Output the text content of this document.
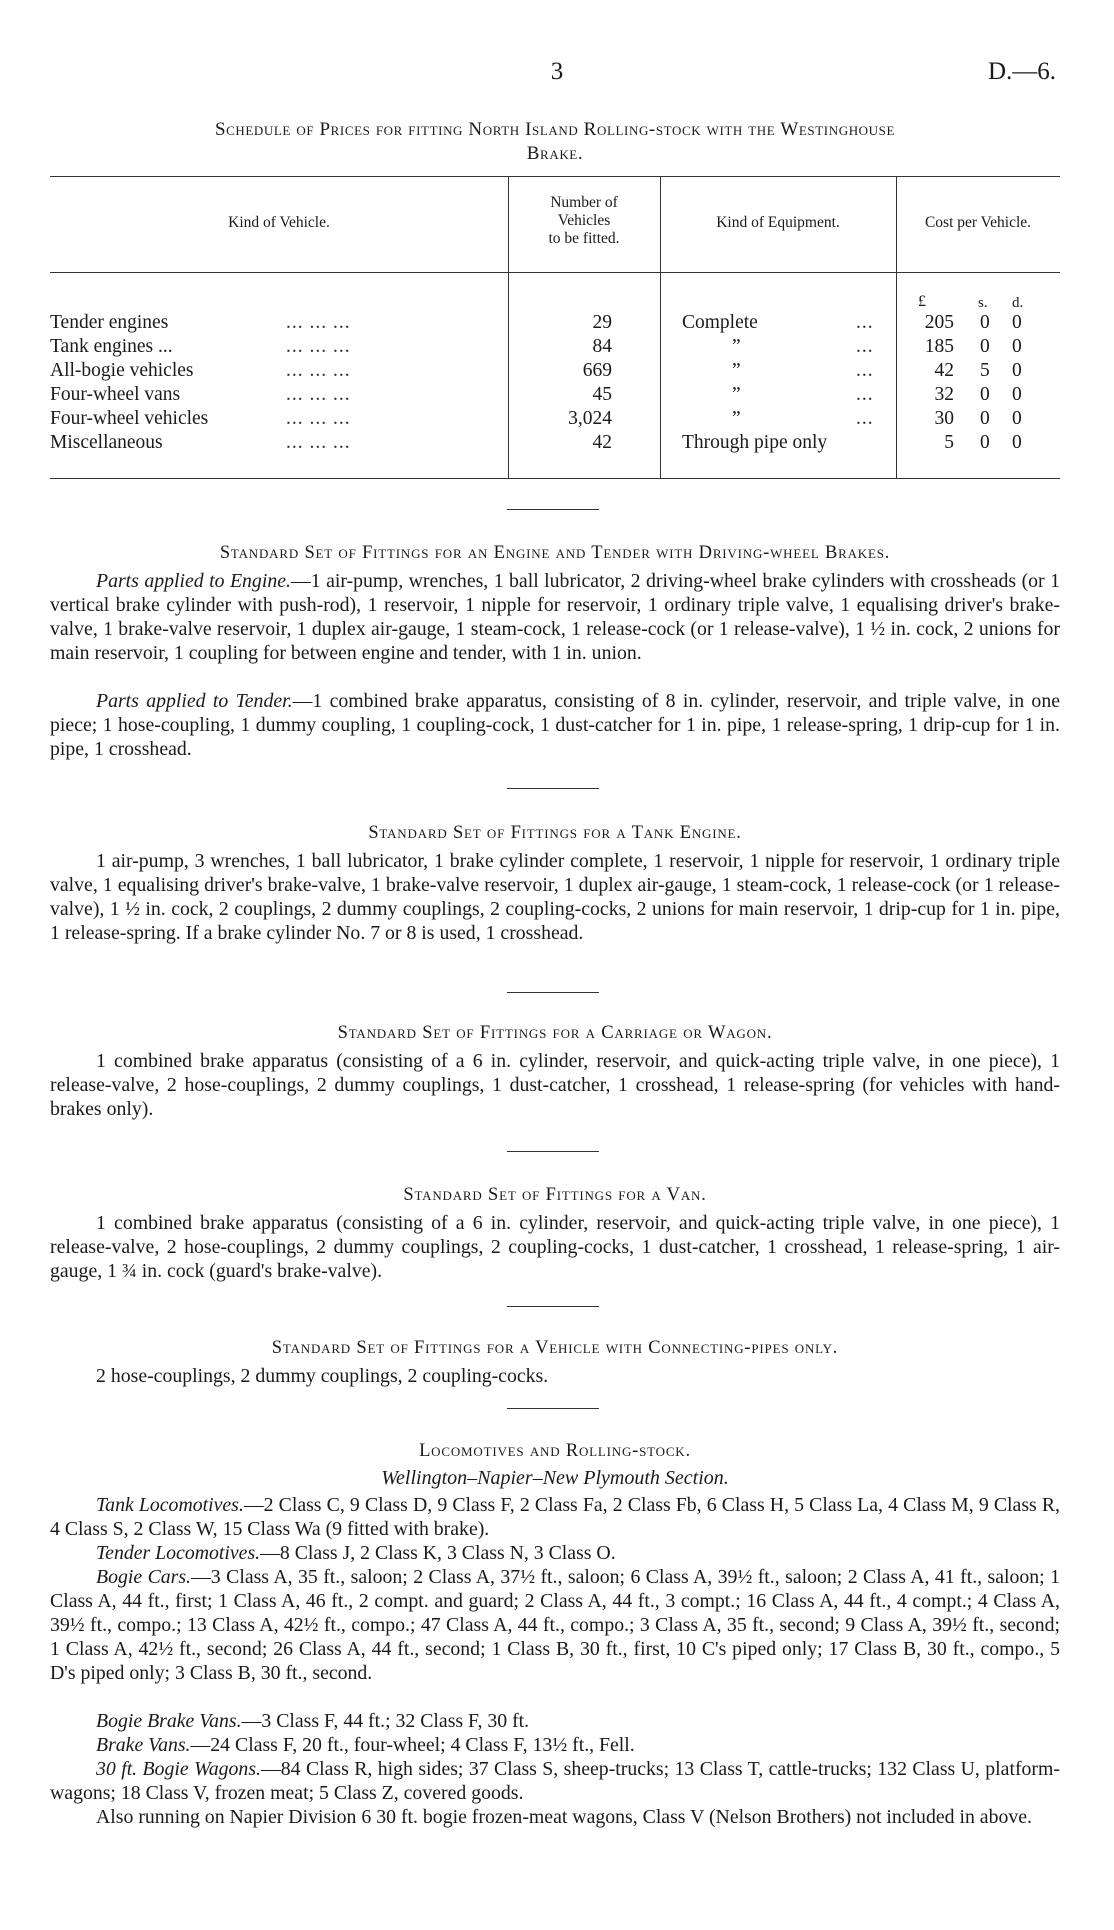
3	D.—6.
Schedule of Prices for fitting North Island Rolling-stock with the Westinghouse
Brake.
Kind of Vehicle.
Number of
Vehicles
to be fitted.
Kind of Equipment.	Cost per Vehicle.
£	s. d.
Tender engines	... ... ...	29	Complete	...	205 0 0
Tank engines ...	... ... ...	84	”	...	185 0 0
All-bogie vehicles	... ... ...	669	”	...	42 5 0
Four-wheel vans	... ... ...	45	”	...	32 0 0
Four-wheel vehicles	... ... ...	3,024	”	...	30 0 0
Miscellaneous	... ... ...	42	Through pipe only	5 0 0
Standard Set of Fittings for an Engine and Tender with Driving-wheel Brakes.

Parts applied to Engine.—1 air-pump, wrenches, 1 ball lubricator, 2 driving-wheel brake cylinders with crossheads (or 1 vertical brake cylinder with push-rod), 1 reservoir, 1 nipple for reservoir, 1 ordinary triple valve, 1 equalising driver's brake-valve, 1 brake-valve reservoir, 1 duplex air-gauge, 1 steam-cock, 1 release-cock (or 1 release-valve), 1 ½ in. cock, 2 unions for main reservoir, 1 coupling for between engine and tender, with 1 in. union.

Parts applied to Tender.—1 combined brake apparatus, consisting of 8 in. cylinder, reservoir, and triple valve, in one piece; 1 hose-coupling, 1 dummy coupling, 1 coupling-cock, 1 dust-catcher for 1 in. pipe, 1 release-spring, 1 drip-cup for 1 in. pipe, 1 crosshead.

Standard Set of Fittings for a Tank Engine.

1 air-pump, 3 wrenches, 1 ball lubricator, 1 brake cylinder complete, 1 reservoir, 1 nipple for reservoir, 1 ordinary triple valve, 1 equalising driver's brake-valve, 1 brake-valve reservoir, 1 duplex air-gauge, 1 steam-cock, 1 release-cock (or 1 release-valve), 1 ½ in. cock, 2 couplings, 2 dummy couplings, 2 coupling-cocks, 2 unions for main reservoir, 1 drip-cup for 1 in. pipe, 1 release-spring. If a brake cylinder No. 7 or 8 is used, 1 crosshead.

Standard Set of Fittings for a Carriage or Wagon.

1 combined brake apparatus (consisting of a 6 in. cylinder, reservoir, and quick-acting triple valve, in one piece), 1 release-valve, 2 hose-couplings, 2 dummy couplings, 1 dust-catcher, 1 crosshead, 1 release-spring (for vehicles with hand-brakes only).

Standard Set of Fittings for a Van.

1 combined brake apparatus (consisting of a 6 in. cylinder, reservoir, and quick-acting triple valve, in one piece), 1 release-valve, 2 hose-couplings, 2 dummy couplings, 2 coupling-cocks, 1 dust-catcher, 1 crosshead, 1 release-spring, 1 air-gauge, 1 ¾ in. cock (guard's brake-valve).

Standard Set of Fittings for a Vehicle with Connecting-pipes only.
2 hose-couplings, 2 dummy couplings, 2 coupling-cocks.
Locomotives and Rolling-stock.
Wellington–Napier–New Plymouth Section.

Tank Locomotives.—2 Class C, 9 Class D, 9 Class F, 2 Class Fa, 2 Class Fb, 6 Class H, 5 Class La, 4 Class M, 9 Class R, 4 Class S, 2 Class W, 15 Class Wa (9 fitted with brake).

Tender Locomotives.—8 Class J, 2 Class K, 3 Class N, 3 Class O.

Bogie Cars.—3 Class A, 35 ft., saloon; 2 Class A, 37½ ft., saloon; 6 Class A, 39½ ft., saloon; 2 Class A, 41 ft., saloon; 1 Class A, 44 ft., first; 1 Class A, 46 ft., 2 compt. and guard; 2 Class A, 44 ft., 3 compt.; 16 Class A, 44 ft., 4 compt.; 4 Class A, 39½ ft., compo.; 13 Class A, 42½ ft., compo.; 47 Class A, 44 ft., compo.; 3 Class A, 35 ft., second; 9 Class A, 39½ ft., second; 1 Class A, 42½ ft., second; 26 Class A, 44 ft., second; 1 Class B, 30 ft., first, 10 C's piped only; 17 Class B, 30 ft., compo., 5 D's piped only; 3 Class B, 30 ft., second.

Bogie Brake Vans.—3 Class F, 44 ft.; 32 Class F, 30 ft.

Brake Vans.—24 Class F, 20 ft., four-wheel; 4 Class F, 13½ ft., Fell.

30 ft. Bogie Wagons.—84 Class R, high sides; 37 Class S, sheep-trucks; 13 Class T, cattle-trucks; 132 Class U, platform-wagons; 18 Class V, frozen meat; 5 Class Z, covered goods.

Also running on Napier Division 6 30 ft. bogie frozen-meat wagons, Class V (Nelson Brothers) not included in above.
